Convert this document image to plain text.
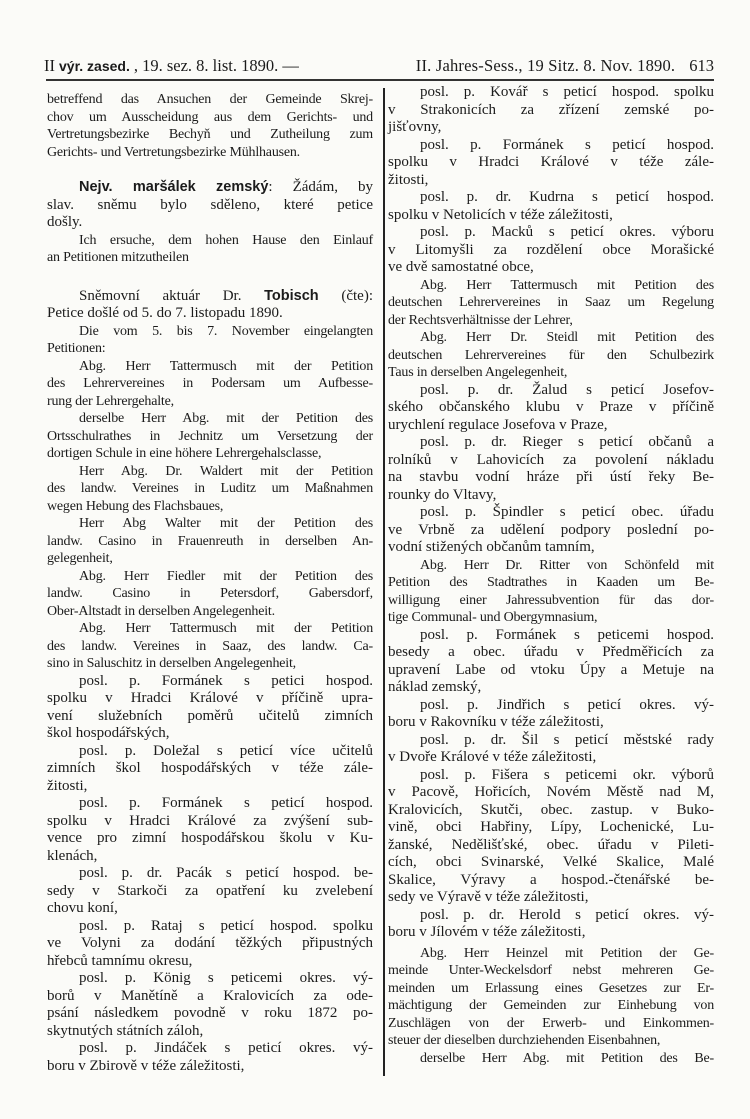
II výr. zased. , 19. sez. 8. list. 1890. —	II. Jahres-Sess., 19 Sitz. 8. Nov. 1890. 613
betreffend das Ansuchen der Gemeinde Skrej-
chov um Ausscheidung aus dem Gerichts- und
Vertretungsbezirke Bechyň und Zutheilung zum
Gerichts- und Vertretungsbezirke Mühlhausen.
Nejv. maršálek zemský: Žádám, by
slav. sněmu bylo sděleno, které petice
došly.
Ich ersuche, dem hohen Hause den Einlauf
an Petitionen mitzutheilen
Sněmovní aktuár Dr. Tobisch (čte):
Petice došlé od 5. do 7. listopadu 1890.
Die vom 5. bis 7. November eingelangten
Petitionen:
Abg. Herr Tattermusch mit der Petition
des Lehrervereines in Podersam um Aufbesse-
rung der Lehrergehalte,
derselbe Herr Abg. mit der Petition des
Ortsschulrathes in Jechnitz um Versetzung der
dortigen Schule in eine höhere Lehrergehalsclasse,
Herr Abg. Dr. Waldert mit der Petition
des landw. Vereines in Luditz um Maßnahmen
wegen Hebung des Flachsbaues,
Herr Abg Walter mit der Petition des
landw. Casino in Frauenreuth in derselben An-
gelegenheit,
Abg. Herr Fiedler mit der Petition des
landw. Casino in Petersdorf, Gabersdorf,
Ober-Altstadt in derselben Angelegenheit.
Abg. Herr Tattermusch mit der Petition
des landw. Vereines in Saaz, des landw. Ca-
sino in Saluschitz in derselben Angelegenheit,
posl. p. Formánek s petici hospod.
spolku v Hradci Králové v příčině upra-
vení služebních poměrů učitelů zimních
škol hospodářských,
posl. p. Doležal s peticí více učitelů
zimních škol hospodářských v téže zále-
žitosti,
posl. p. Formánek s peticí hospod.
spolku v Hradci Králové za zvýšení sub-
vence pro zimní hospodářskou školu v Ku-
klenách,
posl. p. dr. Pacák s peticí hospod. be-
sedy v Starkoči za opatření ku zvelebení
chovu koní,
posl. p. Rataj s peticí hospod. spolku
ve Volyni za dodání těžkých připustných
hřebců tamnímu okresu,
posl. p. König s peticemi okres. vý-
borů v Manětíně a Kralovicích za ode-
psání následkem povodně v roku 1872 po-
skytnutých státních záloh,
posl. p. Jindáček s peticí okres. vý-
boru v Zbirově v téže záležitosti,
posl. p. Kovář s peticí hospod. spolku
v Strakonicích za zřízení zemské po-
jišťovny,
posl. p. Formánek s peticí hospod.
spolku v Hradci Králové v téže zále-
žitosti,
posl. p. dr. Kudrna s peticí hospod.
spolku v Netolicích v téže záležitosti,
posl. p. Macků s peticí okres. výboru
v Litomyšli za rozdělení obce Morašické
ve dvě samostatné obce,
Abg. Herr Tattermusch mit Petition des
deutschen Lehrervereines in Saaz um Regelung
der Rechtsverhältnisse der Lehrer,
Abg. Herr Dr. Steidl mit Petition des
deutschen Lehrervereines für den Schulbezirk
Taus in derselben Angelegenheit,
posl. p. dr. Žalud s peticí Josefov-
ského občanského klubu v Praze v příčině
urychlení regulace Josefova v Praze,
posl. p. dr. Rieger s peticí občanů a
rolníků v Lahovicích za povolení nákladu
na stavbu vodní hráze při ústí řeky Be-
rounky do Vltavy,
posl. p. Špindler s peticí obec. úřadu
ve Vrbně za udělení podpory poslední po-
vodní stižených občanům tamním,
Abg. Herr Dr. Ritter von Schönfeld mit
Petition des Stadtrathes in Kaaden um Be-
willigung einer Jahressubvention für das dor-
tige Communal- und Obergymnasium,
posl. p. Formánek s peticemi hospod.
besedy a obec. úřadu v Předměřicích za
upravení Labe od vtoku Úpy a Metuje na
náklad zemský,
posl. p. Jindřich s peticí okres. vý-
boru v Rakovníku v téže záležitosti,
posl. p. dr. Šil s peticí městské rady
v Dvoře Králové v téže záležitosti,
posl. p. Fišera s peticemi okr. výborů
v Pacově, Hořicích, Novém Městě nad M,
Kralovicích, Skutči, obec. zastup. v Buko-
vině, obci Habřiny, Lípy, Lochenické, Lu-
žanské, Nedělišťské, obec. úřadu v Pileti-
cích, obci Svinarské, Velké Skalice, Malé
Skalice, Výravy a hospod.-čtenářské be-
sedy ve Výravě v téže záležitosti,
posl. p. dr. Herold s peticí okres. vý-
boru v Jílovém v téže záležitosti,
Abg. Herr Heinzel mit Petition der Ge-
meinde Unter-Weckelsdorf nebst mehreren Ge-
meinden um Erlassung eines Gesetzes zur Er-
mächtigung der Gemeinden zur Einhebung von
Zuschlägen von der Erwerb- und Einkommen-
steuer der dieselben durchziehenden Eisenbahnen,
derselbe Herr Abg. mit Petition des Be-
